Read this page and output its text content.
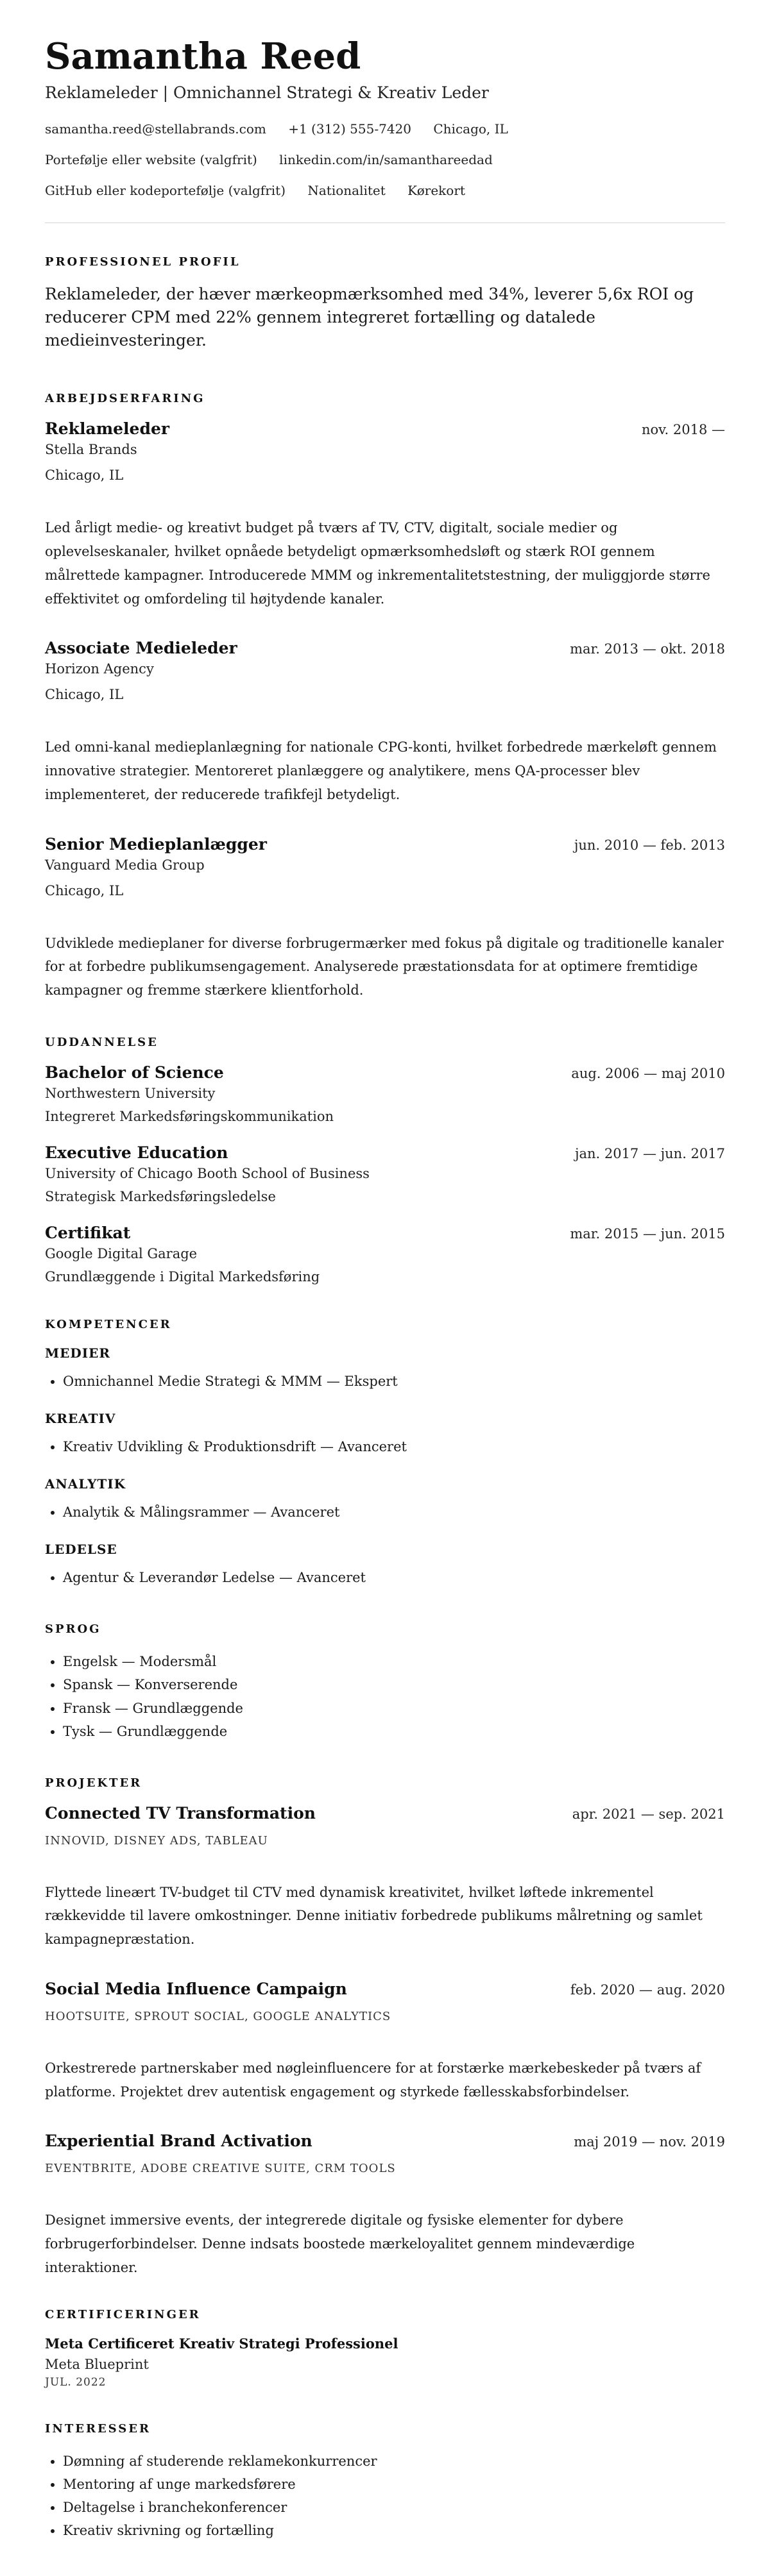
Samantha Reed
Reklameleder | Omnichannel Strategi & Kreativ Leder
samantha.reed@stellabrands.com +1 (312) 555-7420 Chicago, IL
Portefølje eller website (valgfrit) linkedin.com/in/samanthareedad
GitHub eller kodeportefølje (valgfrit) Nationalitet Kørekort
PROFESSIONEL PROFIL
Reklameleder, der hæver mærkeopmærksomhed med 34%, leverer 5,6x ROI og reducerer CPM med 22% gennem integreret fortælling og datalede medieinvesteringer.
ARBEJDSERFARING
Reklameleder	nov. 2018 —
Stella Brands
Chicago, IL
Led årligt medie- og kreativt budget på tværs af TV, CTV, digitalt, sociale medier og oplevelseskanaler, hvilket opnåede betydeligt opmærksomhedsløft og stærk ROI gennem målrettede kampagner. Introducerede MMM og inkrementalitetstestning, der muliggjorde større effektivitet og omfordeling til højtydende kanaler.
Associate Medieleder	mar. 2013 — okt. 2018
Horizon Agency
Chicago, IL
Led omni-kanal medieplanlægning for nationale CPG-konti, hvilket forbedrede mærkeløft gennem innovative strategier. Mentoreret planlæggere og analytikere, mens QA-processer blev implementeret, der reducerede trafikfejl betydeligt.
Senior Medieplanlægger	jun. 2010 — feb. 2013
Vanguard Media Group
Chicago, IL
Udviklede medieplaner for diverse forbrugermærker med fokus på digitale og traditionelle kanaler for at forbedre publikumsengagement. Analyserede præstationsdata for at optimere fremtidige kampagner og fremme stærkere klientforhold.
UDDANNELSE
Bachelor of Science	aug. 2006 — maj 2010
Northwestern University
Integreret Markedsføringskommunikation
Executive Education	jan. 2017 — jun. 2017
University of Chicago Booth School of Business
Strategisk Markedsføringsledelse
Certifikat	mar. 2015 — jun. 2015
Google Digital Garage
Grundlæggende i Digital Markedsføring
KOMPETENCER
MEDIER
• Omnichannel Medie Strategi & MMM — Ekspert
KREATIV
• Kreativ Udvikling & Produktionsdrift — Avanceret
ANALYTIK
• Analytik & Målingsrammer — Avanceret
LEDELSE
• Agentur & Leverandør Ledelse — Avanceret
SPROG
• Engelsk — Modersmål
• Spansk — Konverserende
• Fransk — Grundlæggende
• Tysk — Grundlæggende
PROJEKTER
Connected TV Transformation	apr. 2021 — sep. 2021
INNOVID, DISNEY ADS, TABLEAU
Flyttede lineært TV-budget til CTV med dynamisk kreativitet, hvilket løftede inkrementel rækkevidde til lavere omkostninger. Denne initiativ forbedrede publikums målretning og samlet kampagnepræstation.
Social Media Influence Campaign	feb. 2020 — aug. 2020
HOOTSUITE, SPROUT SOCIAL, GOOGLE ANALYTICS
Orkestrerede partnerskaber med nøgleinfluencere for at forstærke mærkebeskeder på tværs af platforme. Projektet drev autentisk engagement og styrkede fællesskabsforbindelser.
Experiential Brand Activation	maj 2019 — nov. 2019
EVENTBRITE, ADOBE CREATIVE SUITE, CRM TOOLS
Designet immersive events, der integrerede digitale og fysiske elementer for dybere forbrugerforbindelser. Denne indsats boostede mærkeloyalitet gennem mindeværdige interaktioner.
CERTIFICERINGER
Meta Certificeret Kreativ Strategi Professionel
Meta Blueprint
JUL. 2022
INTERESSER
• Dømning af studerende reklamekonkurrencer
• Mentoring af unge markedsførere
• Deltagelse i branchekonferencer
• Kreativ skrivning og fortælling
